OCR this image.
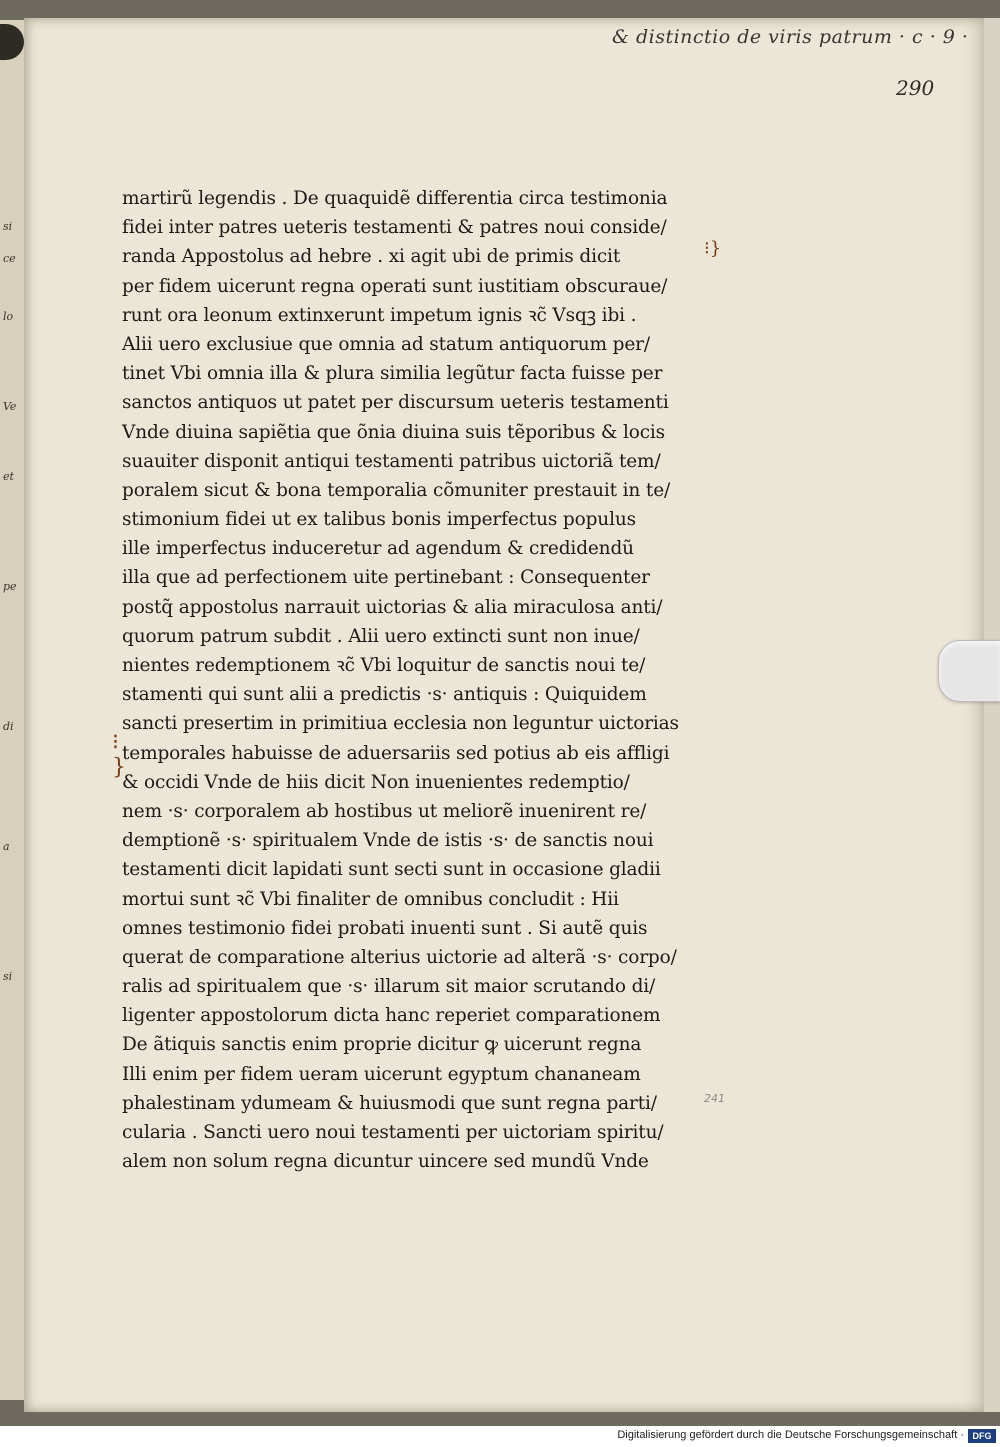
si
ce
lo
Ve
et
pe
di
a
si
& distinctio de viris patrum · c · 9 ·
290
martirũ legendis . De quaquidẽ differentia circa testimonia
fidei inter patres ueteris testamenti & patres noui conside/
randa Appostolus ad hebre . xi agit ubi de primis dicit
per fidem uicerunt regna operati sunt iustitiam obscuraue/
runt ora leonum extinxerunt impetum ignis ꝛc̃ Vsqꝫ ibi .
Alii uero exclusiue que omnia ad statum antiquorum per/
tinet Vbi omnia illa & plura similia legũtur facta fuisse per
sanctos antiquos ut patet per discursum ueteris testamenti
Vnde diuina sapiẽtia que õnia diuina suis tẽporibus & locis
suauiter disponit antiqui testamenti patribus uictoriã tem/
poralem sicut & bona temporalia cõmuniter prestauit in te/
stimonium fidei ut ex talibus bonis imperfectus populus
ille imperfectus induceretur ad agendum & credidendũ
illa que ad perfectionem uite pertinebant : Consequenter
postq̃ appostolus narrauit uictorias & alia miraculosa anti/
quorum patrum subdit . Alii uero extincti sunt non inue/
nientes redemptionem ꝛc̃ Vbi loquitur de sanctis noui te/
stamenti qui sunt alii a predictis ·s· antiquis : Quiquidem
sancti presertim in primitiua ecclesia non leguntur uictorias
temporales habuisse de aduersariis sed potius ab eis affligi
& occidi Vnde de hiis dicit Non inuenientes redemptio/
nem ·s· corporalem ab hostibus ut meliorẽ inuenirent re/
demptionẽ ·s· spiritualem Vnde de istis ·s· de sanctis noui
testamenti dicit lapidati sunt secti sunt in occasione gladii
mortui sunt ꝛc̃ Vbi finaliter de omnibus concludit : Hii
omnes testimonio fidei probati inuenti sunt . Si autẽ quis
querat de comparatione alterius uictorie ad alterã ·s· corpo/
ralis ad spiritualem que ·s· illarum sit maior scrutando di/
ligenter appostolorum dicta hanc reperiet comparationem
De ãtiquis sanctis enim proprie dicitur ꝙ uicerunt regna
Illi enim per fidem ueram uicerunt egyptum chananeam
phalestinam ydumeam & huiusmodi que sunt regna parti/
cularia . Sancti uero noui testamenti per uictoriam spiritu/
alem non solum regna dicuntur uincere sed mundũ Vnde
⁝}
⁝
}
241
Digitalisierung gefördert durch die Deutsche Forschungsgemeinschaft · DFG
